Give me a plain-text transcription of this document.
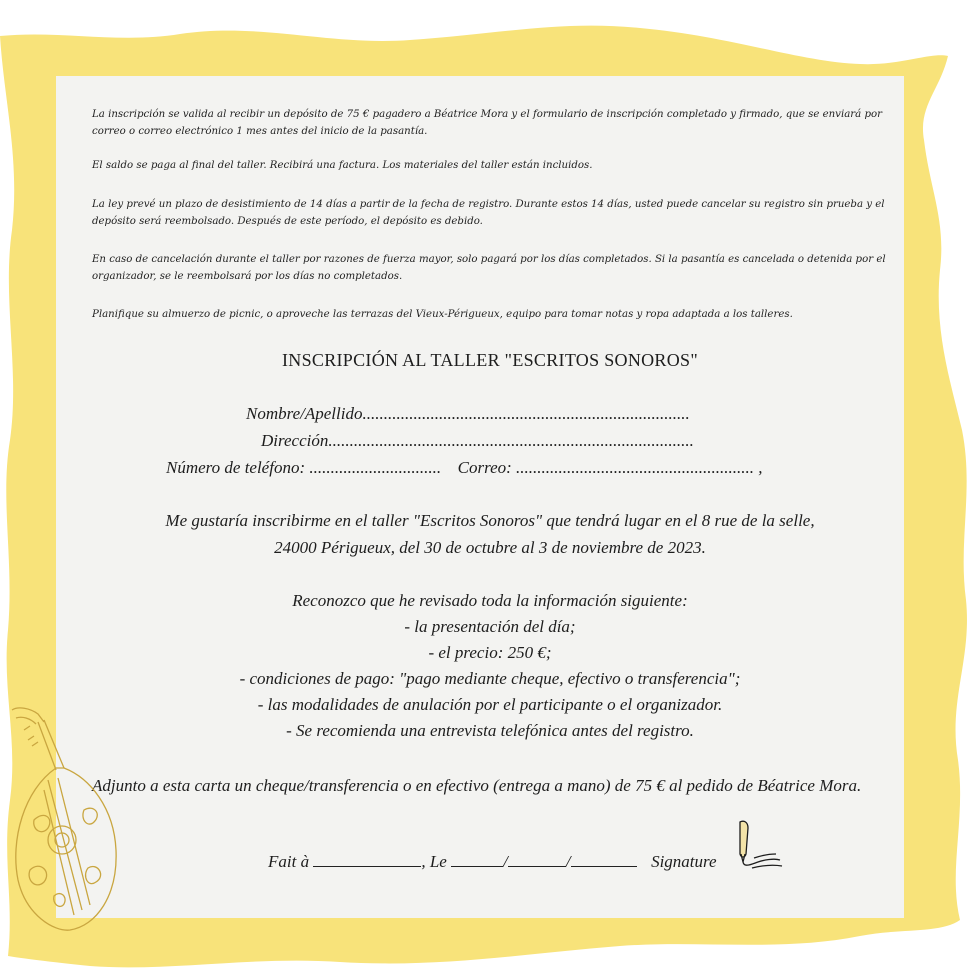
La inscripción se valida al recibir un depósito de 75 € pagadero a Béatrice Mora y el formulario de inscripción completado y firmado, que se enviará por correo o correo electrónico 1 mes antes del inicio de la pasantía.
El saldo se paga al final del taller. Recibirá una factura. Los materiales del taller están incluidos.
La ley prevé un plazo de desistimiento de 14 días a partir de la fecha de registro. Durante estos 14 días, usted puede cancelar su registro sin prueba y el depósito será reembolsado. Después de este período, el depósito es debido.
En caso de cancelación durante el taller por razones de fuerza mayor, solo pagará por los días completados. Si la pasantía es cancelada o detenida por el organizador, se le reembolsará por los días no completados.
Planifique su almuerzo de picnic, o aproveche las terrazas del Vieux-Périgueux, equipo para tomar notas y ropa adaptada a los talleres.
INSCRIPCIÓN AL TALLER "ESCRITOS SONOROS"
Nombre/Apellido.............................................................................
Dirección......................................................................................
Número de teléfono: ............................... Correo: ........................................................ ,
Me gustaría inscribirme en el taller "Escritos Sonoros" que tendrá lugar en el 8 rue de la selle,
24000 Périgueux, del 30 de octubre al 3 de noviembre de 2023.
Reconozco que he revisado toda la información siguiente:
- la presentación del día;
- el precio: 250 €;
- condiciones de pago: "pago mediante cheque, efectivo o transferencia";
- las modalidades de anulación por el participante o el organizador.
- Se recomienda una entrevista telefónica antes del registro.
Adjunto a esta carta un cheque/transferencia o en efectivo (entrega a mano) de 75 € al pedido de Béatrice Mora.
Fait à	, Le	/	/	Signature
